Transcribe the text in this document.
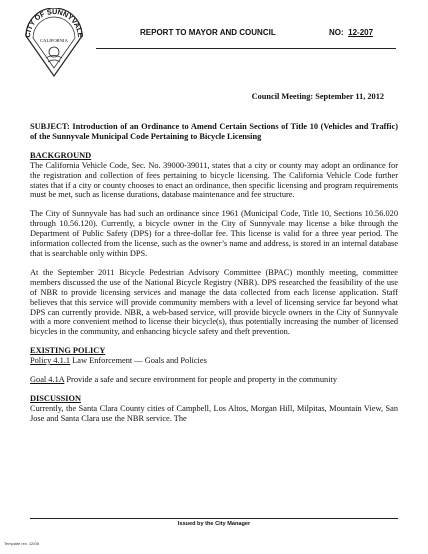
CITY OF SUNNYVALE
CALIFORNIA
REPORT TO MAYOR AND COUNCIL	NO: 12-207
Council Meeting: September 11, 2012

SUBJECT: Introduction of an Ordinance to Amend Certain Sections of Title 10 (Vehicles and Traffic) of the Sunnyvale Municipal Code Pertaining to Bicycle Licensing

BACKGROUND

The California Vehicle Code, Sec. No. 39000-39011, states that a city or county may adopt an ordinance for the registration and collection of fees pertaining to bicycle licensing. The California Vehicle Code further states that if a city or county chooses to enact an ordinance, then specific licensing and program requirements must be met, such as license durations, database maintenance and fee structure.

The City of Sunnyvale has had such an ordinance since 1961 (Municipal Code, Title 10, Sections 10.56.020 through 10.56.120). Currently, a bicycle owner in the City of Sunnyvale may license a bike through the Department of Public Safety (DPS) for a three-dollar fee. This license is valid for a three year period. The information collected from the license, such as the owner’s name and address, is stored in an internal database that is searchable only within DPS.

At the September 2011 Bicycle Pedestrian Advisory Committee (BPAC) monthly meeting, committee members discussed the use of the National Bicycle Registry (NBR). DPS researched the feasibility of the use of NBR to provide licensing services and manage the data collected from each license application. Staff believes that this service will provide community members with a level of licensing service far beyond what DPS can currently provide. NBR, a web-based service, will provide bicycle owners in the City of Sunnyvale with a more convenient method to license their bicycle(s), thus potentially increasing the number of licensed bicycles in the community, and enhancing bicycle safety and theft prevention.

EXISTING POLICY

Policy 4.1.1 Law Enforcement — Goals and Policies

Goal 4.1A Provide a safe and secure environment for people and property in the community

DISCUSSION

Currently, the Santa Clara County cities of Campbell, Los Altos, Morgan Hill, Milpitas, Mountain View, San Jose and Santa Clara use the NBR service. The

Issued by the City Manager
Template rev. 12/08
